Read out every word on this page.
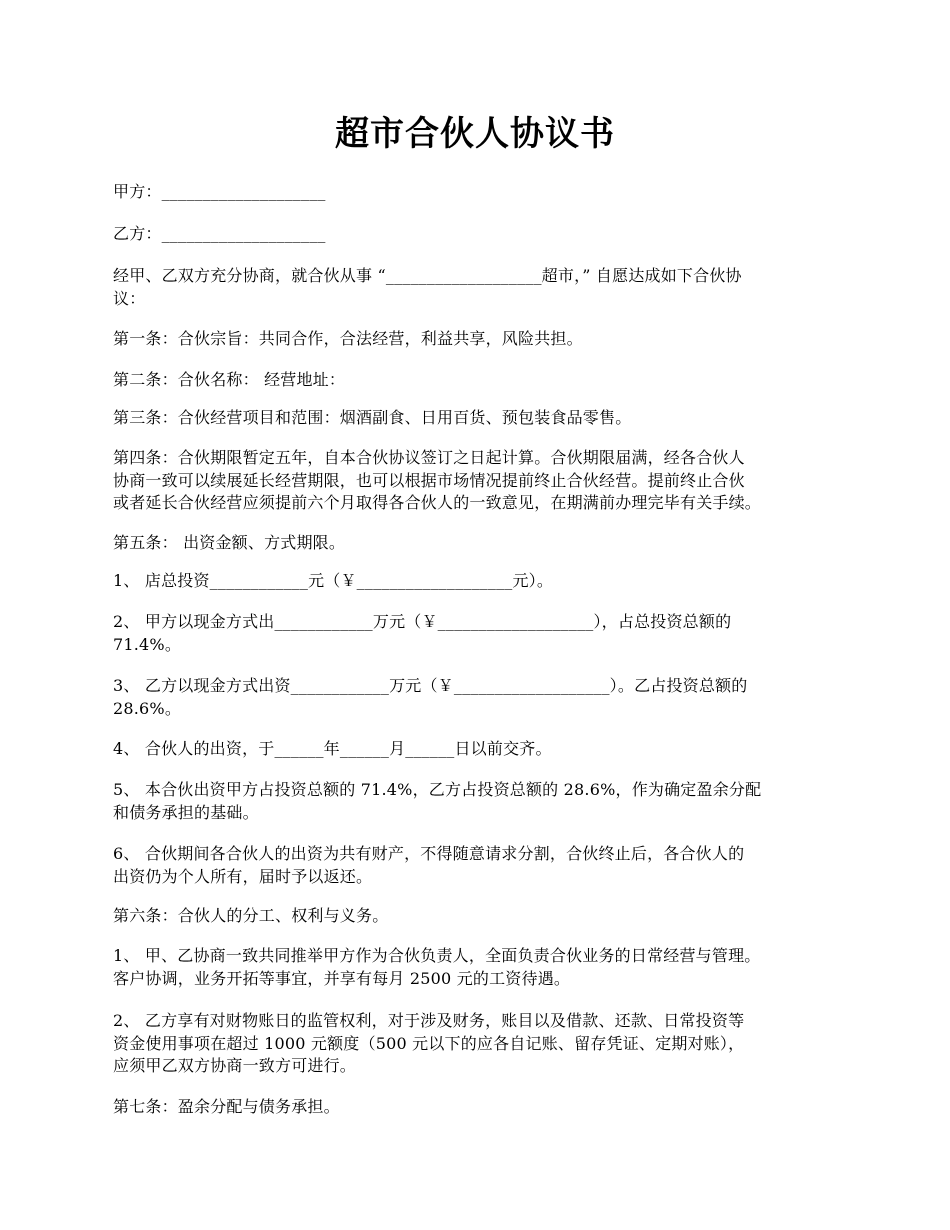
超市合伙人协议书
甲方：____________________
乙方：____________________
经甲、乙双方充分协商，就合伙从事 “___________________超市，” 自愿达成如下合伙协
议：
第一条：合伙宗旨：共同合作，合法经营，利益共享，风险共担。
第二条：合伙名称： 经营地址：
第三条：合伙经营项目和范围：烟酒副食、日用百货、预包装食品零售。
第四条：合伙期限暂定五年，自本合伙协议签订之日起计算。合伙期限届满，经各合伙人
协商一致可以续展延长经营期限，也可以根据市场情况提前终止合伙经营。提前终止合伙
或者延长合伙经营应须提前六个月取得各合伙人的一致意见，在期满前办理完毕有关手续。
第五条： 出资金额、方式期限。
1、 店总投资____________元（￥___________________元）。
2、 甲方以现金方式出____________万元（￥___________________），占总投资总额的
71.4%。
3、 乙方以现金方式出资____________万元（￥___________________）。乙占投资总额的
28.6%。
4、 合伙人的出资，于______年______月______日以前交齐。
5、 本合伙出资甲方占投资总额的 71.4%，乙方占投资总额的 28.6%，作为确定盈余分配
和债务承担的基础。
6、 合伙期间各合伙人的出资为共有财产，不得随意请求分割，合伙终止后，各合伙人的
出资仍为个人所有，届时予以返还。
第六条：合伙人的分工、权利与义务。
1、 甲、乙协商一致共同推举甲方作为合伙负责人，全面负责合伙业务的日常经营与管理。
客户协调，业务开拓等事宜，并享有每月 2500 元的工资待遇。
2、 乙方享有对财物账日的监管权利，对于涉及财务，账目以及借款、还款、日常投资等
资金使用事项在超过 1000 元额度（500 元以下的应各自记账、留存凭证、定期对账），
应须甲乙双方协商一致方可进行。
第七条：盈余分配与债务承担。
